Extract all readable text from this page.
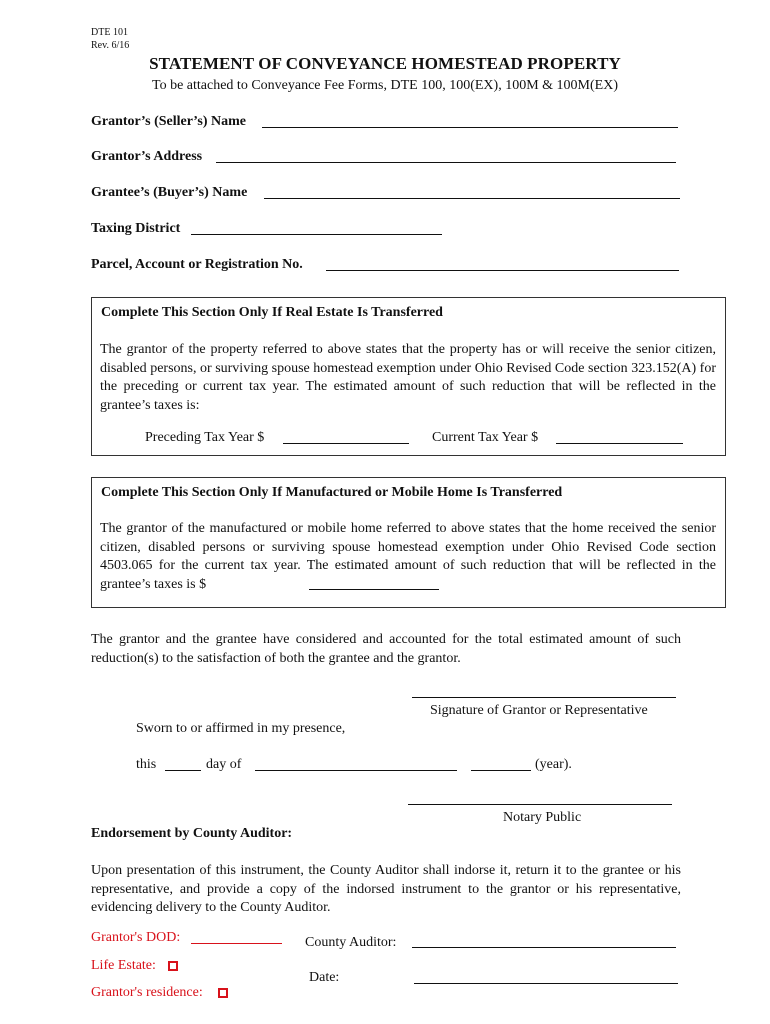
DTE 101
Rev. 6/16
STATEMENT OF CONVEYANCE HOMESTEAD PROPERTY
To be attached to Conveyance Fee Forms, DTE 100, 100(EX), 100M & 100M(EX)
Grantor’s (Seller’s) Name
Grantor’s Address
Grantee’s (Buyer’s) Name
Taxing District
Parcel, Account or Registration No.
Complete This Section Only If Real Estate Is Transferred
The grantor of the property referred to above states that the property has or will receive the senior citizen, disabled persons, or surviving spouse homestead exemption under Ohio Revised Code section 323.152(A) for the preceding or current tax year. The estimated amount of such reduction that will be reflected in the grantee’s taxes is:
Preceding Tax Year $	Current Tax Year $
Complete This Section Only If Manufactured or Mobile Home Is Transferred
The grantor of the manufactured or mobile home referred to above states that the home received the senior citizen, disabled persons or surviving spouse homestead exemption under Ohio Revised Code section 4503.065 for the current tax year. The estimated amount of such reduction that will be reflected in the grantee’s taxes is $
The grantor and the grantee have considered and accounted for the total estimated amount of such reduction(s) to the satisfaction of both the grantee and the grantor.
Signature of Grantor or Representative
Sworn to or affirmed in my presence,
this	day of	(year).
Notary Public
Endorsement by County Auditor:
Upon presentation of this instrument, the County Auditor shall indorse it, return it to the grantee or his representative, and provide a copy of the indorsed instrument to the grantor or his representative, evidencing delivery to the County Auditor.
Grantor's DOD:	County Auditor:
Life Estate:
Date:
Grantor's residence:
